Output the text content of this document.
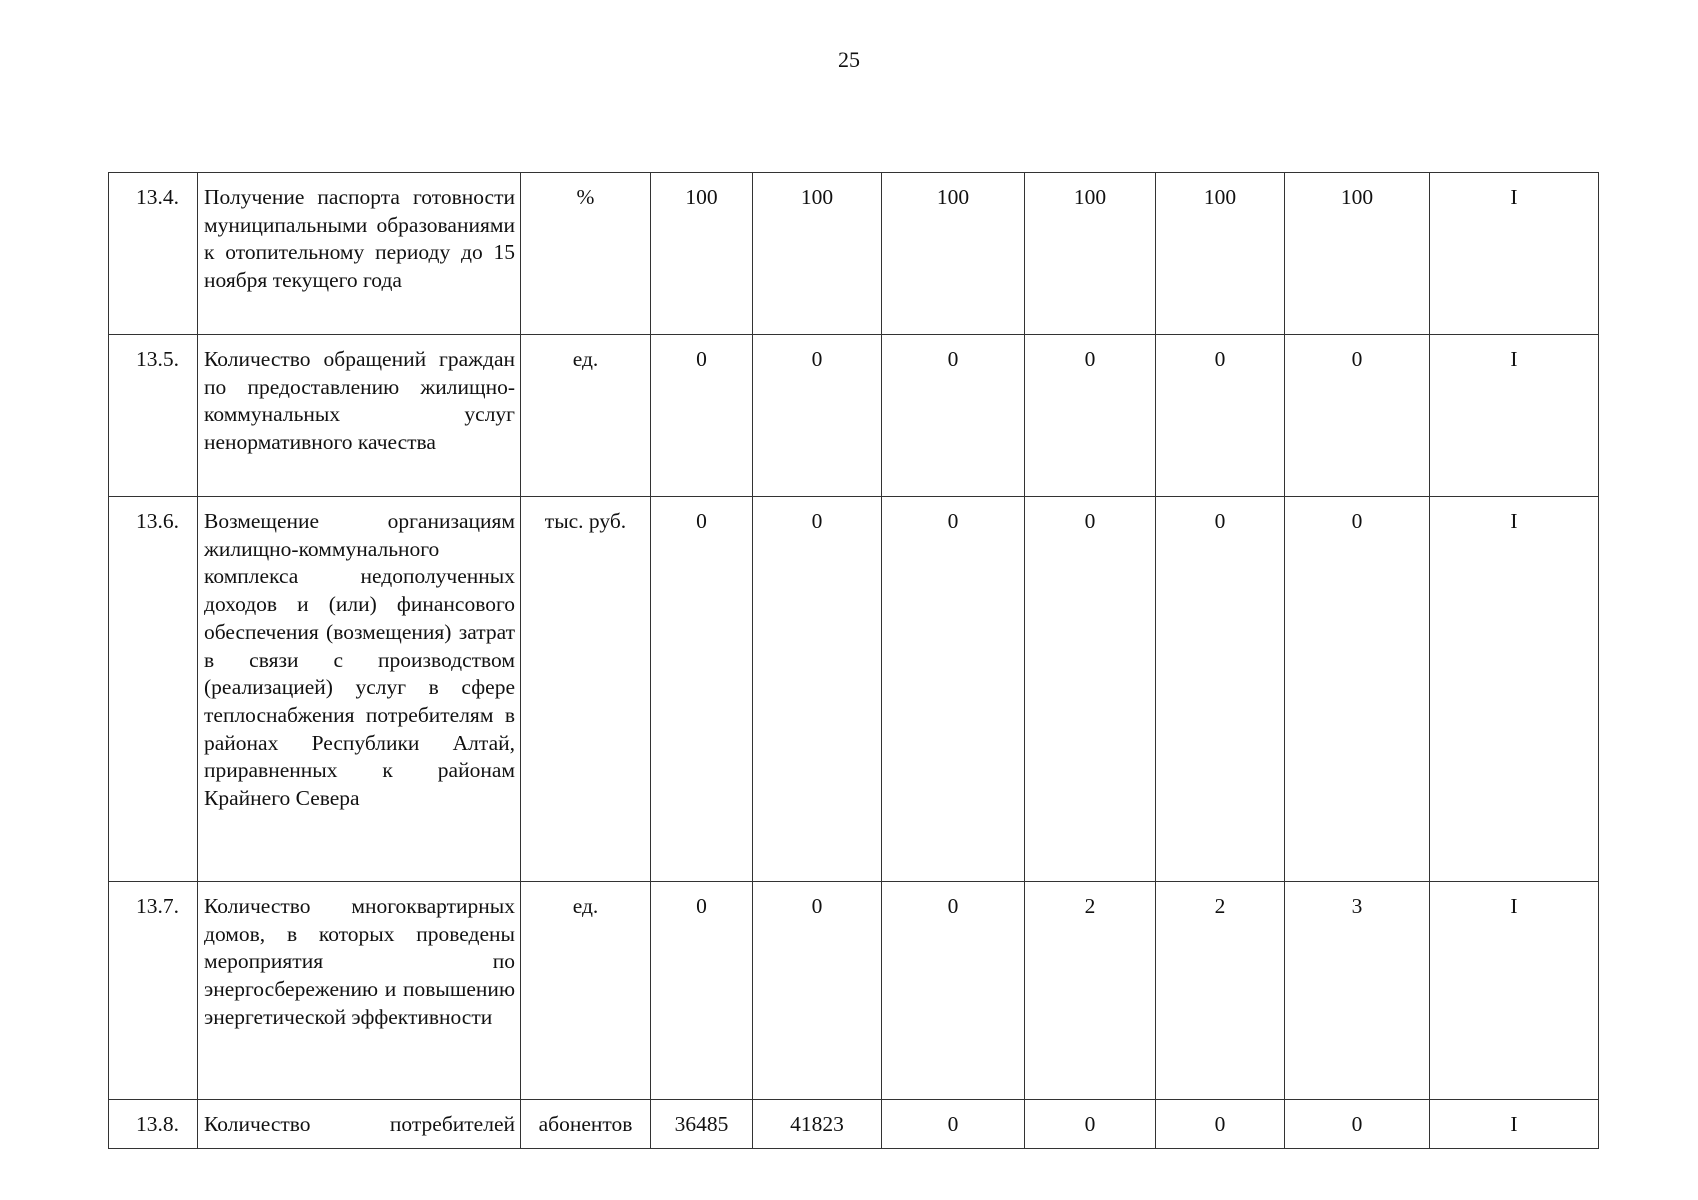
25
13.4.	Получение паспорта готовности муниципальными образованиями к отопительному периоду до 15 ноября текущего года	%	100	100	100	100	100	100	I
13.5.	Количество обращений граждан по предоставлению жилищно-коммунальных услуг ненормативного качества	ед.	0	0	0	0	0	0	I
13.6.	Возмещение организациям жилищно-коммунального комплекса недополученных доходов и (или) финансового обеспечения (возмещения) затрат в связи с производством (реализацией) услуг в сфере теплоснабжения потребителям в районах Республики Алтай, приравненных к районам Крайнего Севера	тыс. руб.	0	0	0	0	0	0	I
13.7.	Количество многоквартирных домов, в которых проведены мероприятия по энергосбережению и повышению энергетической эффективности	ед.	0	0	0	2	2	3	I
13.8.	Количество потребителей	абонентов	36485	41823	0	0	0	0	I
